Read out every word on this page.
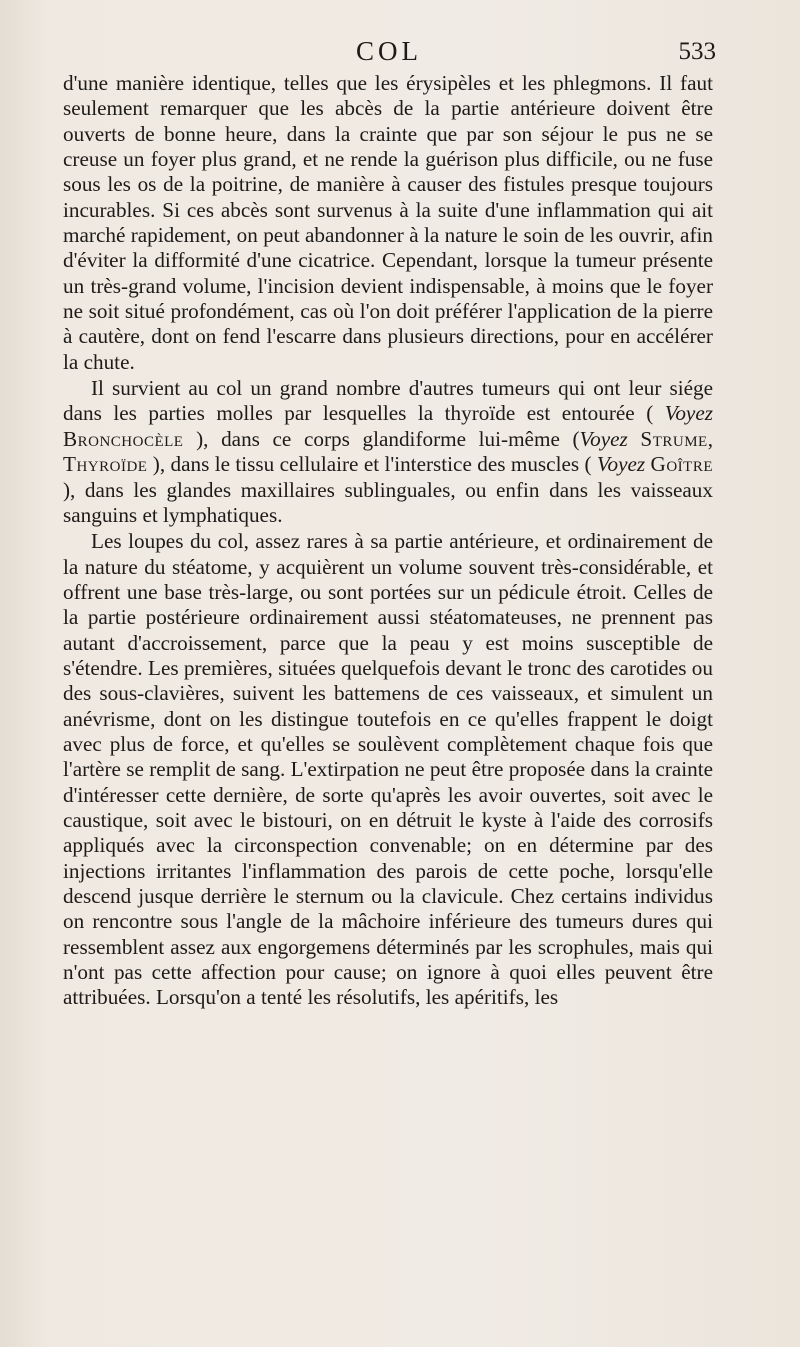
COL	533

d'une manière identique, telles que les érysipèles et les phlegmons. Il faut seulement remarquer que les abcès de la partie antérieure doivent être ouverts de bonne heure, dans la crainte que par son séjour le pus ne se creuse un foyer plus grand, et ne rende la guérison plus difficile, ou ne fuse sous les os de la poitrine, de manière à causer des fistules presque toujours incurables. Si ces abcès sont survenus à la suite d'une inflammation qui ait marché rapidement, on peut abandonner à la nature le soin de les ouvrir, afin d'éviter la difformité d'une cicatrice. Cependant, lorsque la tumeur présente un très-grand volume, l'incision devient indispensable, à moins que le foyer ne soit situé profondément, cas où l'on doit préférer l'application de la pierre à cautère, dont on fend l'escarre dans plusieurs directions, pour en accélérer la chute.

Il survient au col un grand nombre d'autres tumeurs qui ont leur siége dans les parties molles par lesquelles la thyroïde est entourée ( Voyez Bronchocèle ), dans ce corps glandiforme lui-même (Voyez Strume, Thyroïde ), dans le tissu cellulaire et l'interstice des muscles ( Voyez Goître ), dans les glandes maxillaires sublinguales, ou enfin dans les vaisseaux sanguins et lymphatiques.

Les loupes du col, assez rares à sa partie antérieure, et ordinairement de la nature du stéatome, y acquièrent un volume souvent très-considérable, et offrent une base très-large, ou sont portées sur un pédicule étroit. Celles de la partie postérieure ordinairement aussi stéatomateuses, ne prennent pas autant d'accroissement, parce que la peau y est moins susceptible de s'étendre. Les premières, situées quelquefois devant le tronc des carotides ou des sous-clavières, suivent les battemens de ces vaisseaux, et simulent un anévrisme, dont on les distingue toutefois en ce qu'elles frappent le doigt avec plus de force, et qu'elles se soulèvent complètement chaque fois que l'artère se remplit de sang. L'extirpation ne peut être proposée dans la crainte d'intéresser cette dernière, de sorte qu'après les avoir ouvertes, soit avec le caustique, soit avec le bistouri, on en détruit le kyste à l'aide des corrosifs appliqués avec la circonspection convenable; on en détermine par des injections irritantes l'inflammation des parois de cette poche, lorsqu'elle descend jusque derrière le sternum ou la clavicule. Chez certains individus on rencontre sous l'angle de la mâchoire inférieure des tumeurs dures qui ressemblent assez aux engorgemens déterminés par les scrophules, mais qui n'ont pas cette affection pour cause; on ignore à quoi elles peuvent être attribuées. Lorsqu'on a tenté les résolutifs, les apéritifs, les
